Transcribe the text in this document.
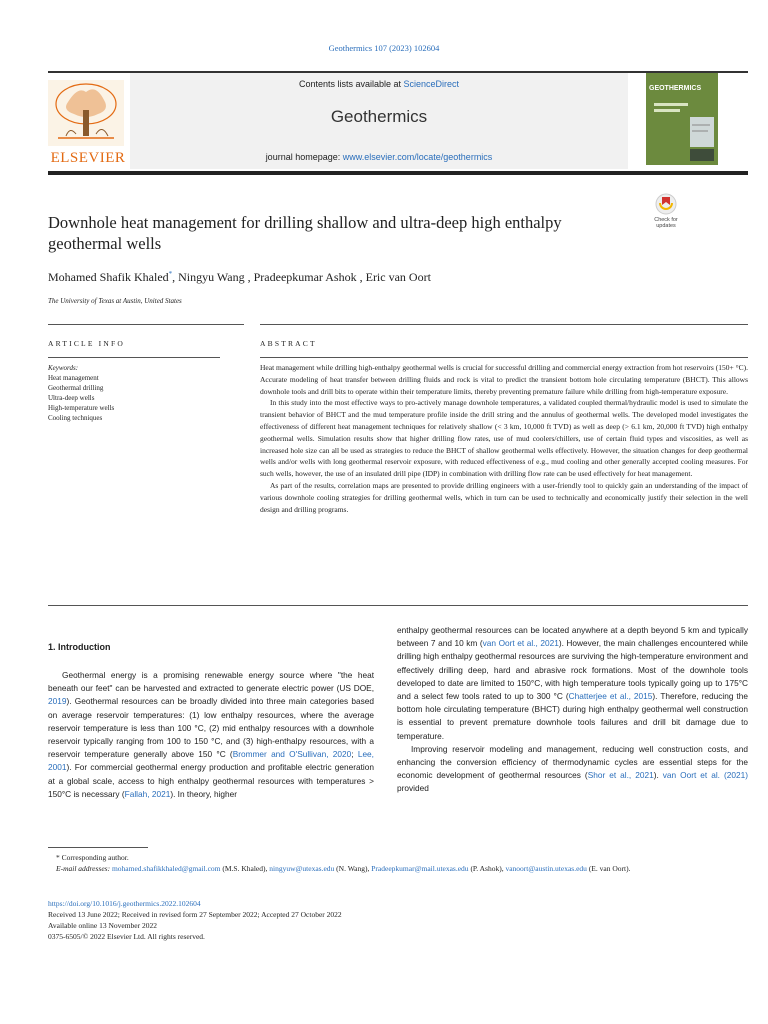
Geothermics 107 (2023) 102604
ELSEVIER
Contents lists available at ScienceDirect
Geothermics
journal homepage: www.elsevier.com/locate/geothermics
GEOTHERMICS
Downhole heat management for drilling shallow and ultra-deep high enthalpy geothermal wells
Check for
updates
Mohamed Shafik Khaled*, Ningyu Wang , Pradeepkumar Ashok , Eric van Oort
The University of Texas at Austin, United States
ARTICLE INFO	ABSTRACT
Keywords:
Heat management
Geothermal drilling
Ultra-deep wells
High-temperature wells
Cooling techniques

Heat management while drilling high-enthalpy geothermal wells is crucial for successful drilling and commercial energy extraction from hot reservoirs (150+ °C). Accurate modeling of heat transfer between drilling fluids and rock is vital to predict the transient bottom hole circulating temperature (BHCT). This allows downhole tools and drill bits to operate within their temperature limits, thereby preventing premature failure while drilling from high-temperature exposure.

In this study into the most effective ways to pro-actively manage downhole temperatures, a validated coupled thermal/hydraulic model is used to simulate the transient behavior of BHCT and the mud temperature profile inside the drill string and the annulus of geothermal wells. The developed model investigates the effectiveness of different heat management techniques for relatively shallow (< 3 km, 10,000 ft TVD) as well as deep (> 6.1 km, 20,000 ft TVD) high enthalpy geothermal wells. Simulation results show that higher drilling flow rates, use of mud coolers/chillers, use of certain fluid types and viscosities, as well as increased hole size can all be used as strategies to reduce the BHCT of shallow geothermal wells effectively. However, the situation changes for deep geothermal wells and/or wells with long geothermal reservoir exposure, with reduced effectiveness of e.g., mud cooling and other generally accepted cooling measures. For such wells, however, the use of an insulated drill pipe (IDP) in combination with drilling flow rate can be used effectively for heat management.

As part of the results, correlation maps are presented to provide drilling engineers with a user-friendly tool to quickly gain an understanding of the impact of various downhole cooling strategies for drilling geothermal wells, which in turn can be used to technically and economically justify their selection in the well design and drilling programs.

1. Introduction

Geothermal energy is a promising renewable energy source where "the heat beneath our feet" can be harvested and extracted to generate electric power (US DOE, 2019). Geothermal resources can be broadly divided into three main categories based on average reservoir temperatures: (1) low enthalpy resources, where the average reservoir temperature is less than 100 °C, (2) mid enthalpy resources with a downhole reservoir typically ranging from 100 to 150 °C, and (3) high-enthalpy resources, with a reservoir temperature generally above 150 °C (Brommer and O'Sullivan, 2020; Lee, 2001). For commercial geothermal energy production and profitable electric generation at a global scale, access to high enthalpy geothermal resources with temperatures > 150°C is necessary (Fallah, 2021). In theory, higher

enthalpy geothermal resources can be located anywhere at a depth beyond 5 km and typically between 7 and 10 km (van Oort et al., 2021). However, the main challenges encountered while drilling high enthalpy geothermal resources are surviving the high-temperature environment and effectively drilling deep, hard and abrasive rock formations. Most of the downhole tools developed to date are limited to 150°C, with high temperature tools typically going up to 175°C and a select few tools rated to up to 300 °C (Chatterjee et al., 2015). Therefore, reducing the bottom hole circulating temperature (BHCT) during high enthalpy geothermal well construction is essential to prevent premature downhole tools failures and drill bit damage due to temperature.

Improving reservoir modeling and management, reducing well construction costs, and enhancing the conversion efficiency of thermodynamic cycles are essential steps for the economic development of geothermal resources (Shor et al., 2021). van Oort et al. (2021) provided

* Corresponding author.
E-mail addresses: mohamed.shafikkhaled@gmail.com (M.S. Khaled), ningyuw@utexas.edu (N. Wang), Pradeepkumar@mail.utexas.edu (P. Ashok), vanoort@austin.utexas.edu (E. van Oort).
https://doi.org/10.1016/j.geothermics.2022.102604
Received 13 June 2022; Received in revised form 27 September 2022; Accepted 27 October 2022
Available online 13 November 2022
0375-6505/© 2022 Elsevier Ltd. All rights reserved.
